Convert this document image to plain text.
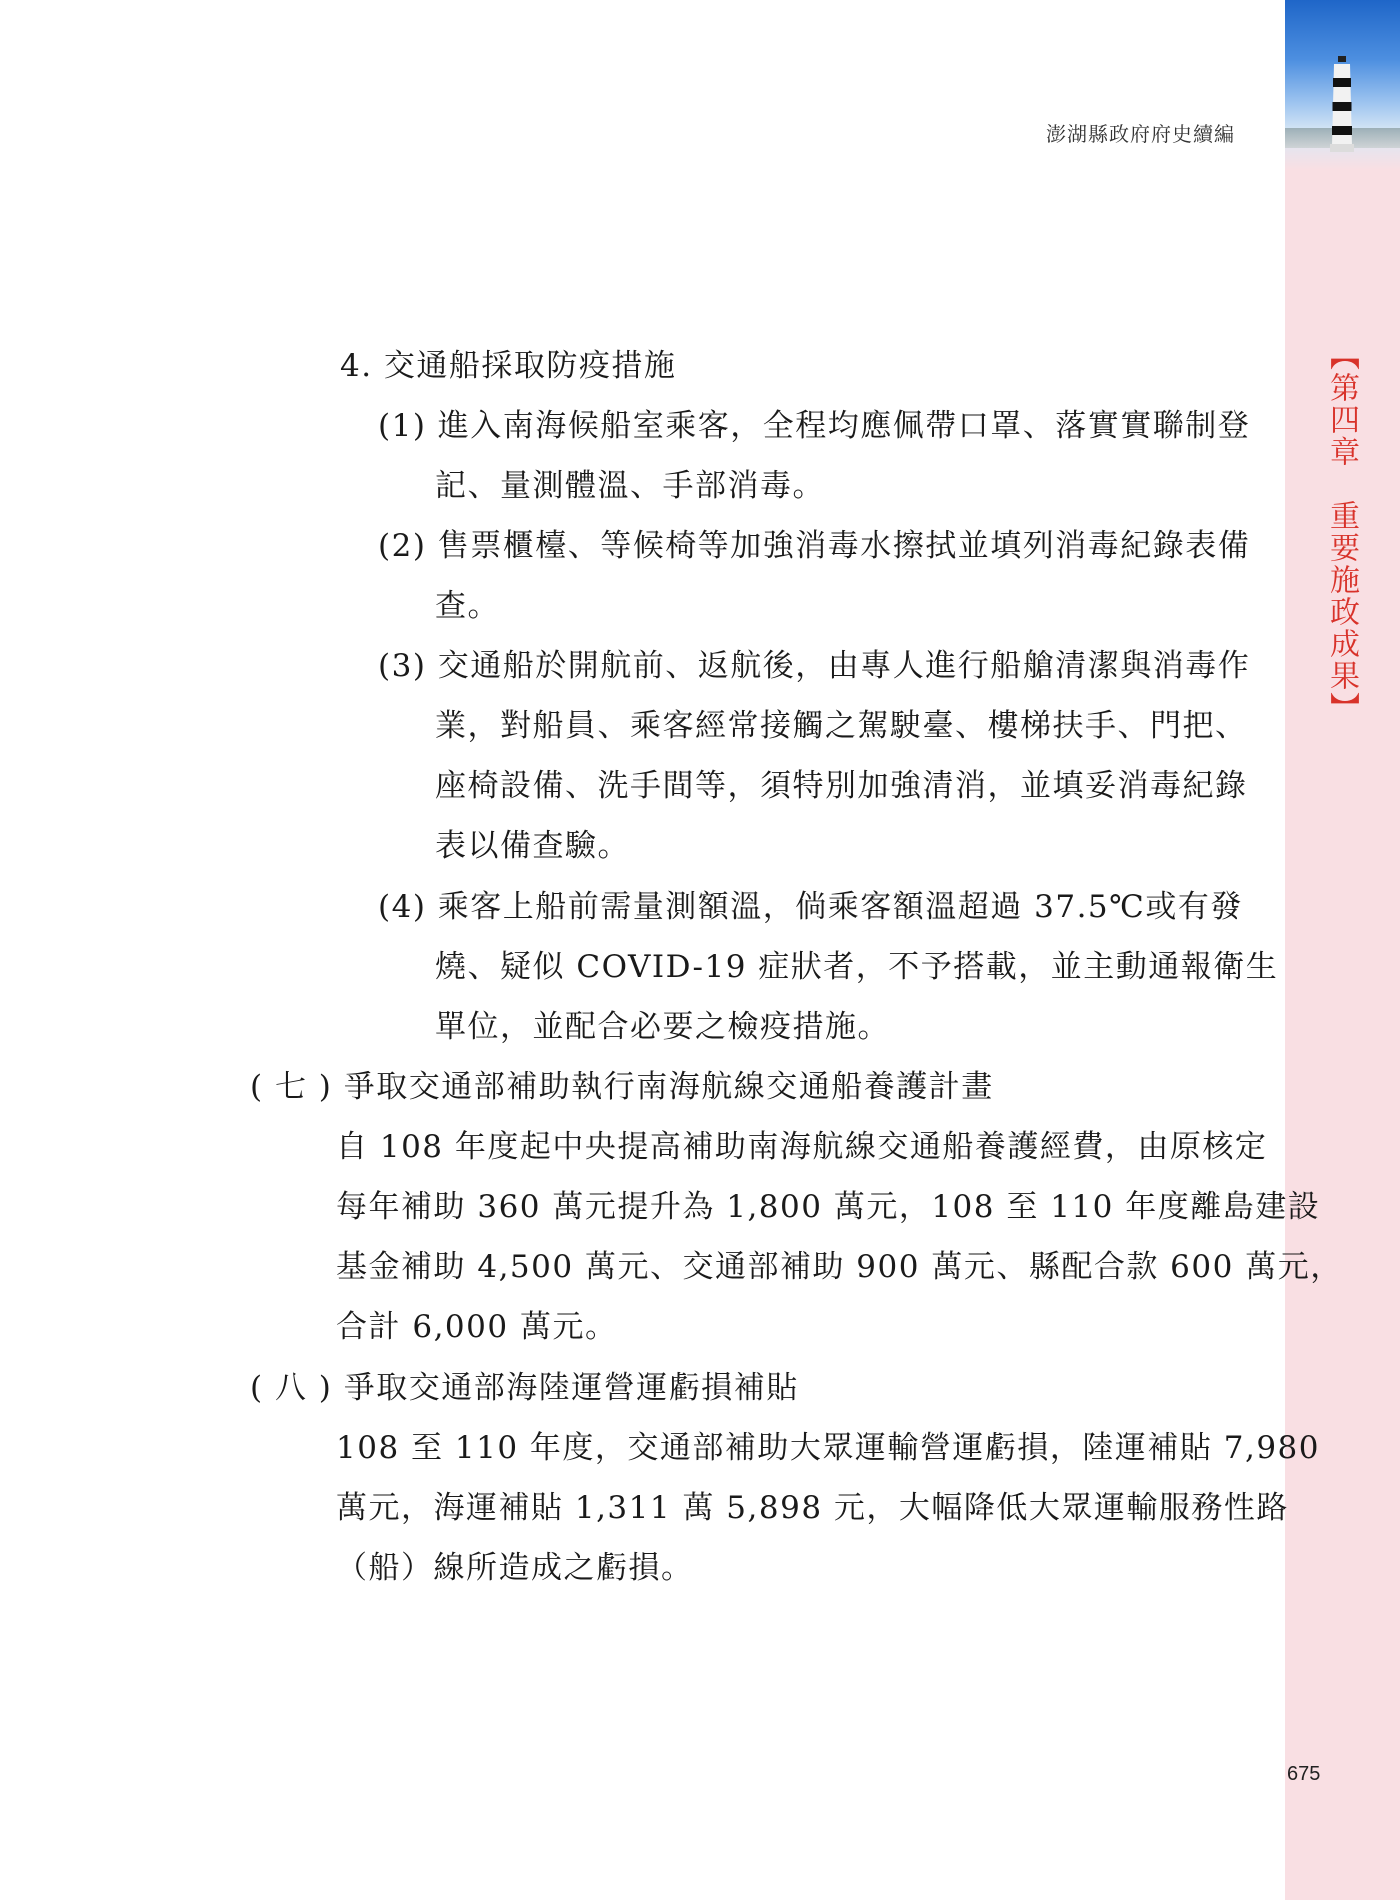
【第四章　重要施政成果】
澎湖縣政府府史續編
4. 交通船採取防疫措施
(1) 進入南海候船室乘客，全程均應佩帶口罩、落實實聯制登
記、量測體溫、手部消毒。
(2) 售票櫃檯、等候椅等加強消毒水擦拭並填列消毒紀錄表備
查。
(3) 交通船於開航前、返航後，由專人進行船艙清潔與消毒作
業，對船員、乘客經常接觸之駕駛臺、樓梯扶手、門把、
座椅設備、洗手間等，須特別加強清消，並填妥消毒紀錄
表以備查驗。
(4) 乘客上船前需量測額溫，倘乘客額溫超過 37.5℃或有發
燒、疑似 COVID-19 症狀者，不予搭載，並主動通報衛生
單位，並配合必要之檢疫措施。
( 七 ) 爭取交通部補助執行南海航線交通船養護計畫
自 108 年度起中央提高補助南海航線交通船養護經費，由原核定
每年補助 360 萬元提升為 1,800 萬元，108 至 110 年度離島建設
基金補助 4,500 萬元、交通部補助 900 萬元、縣配合款 600 萬元，
合計 6,000 萬元。
( 八 ) 爭取交通部海陸運營運虧損補貼
108 至 110 年度，交通部補助大眾運輸營運虧損，陸運補貼 7,980
萬元，海運補貼 1,311 萬 5,898 元，大幅降低大眾運輸服務性路
（船）線所造成之虧損。
675
